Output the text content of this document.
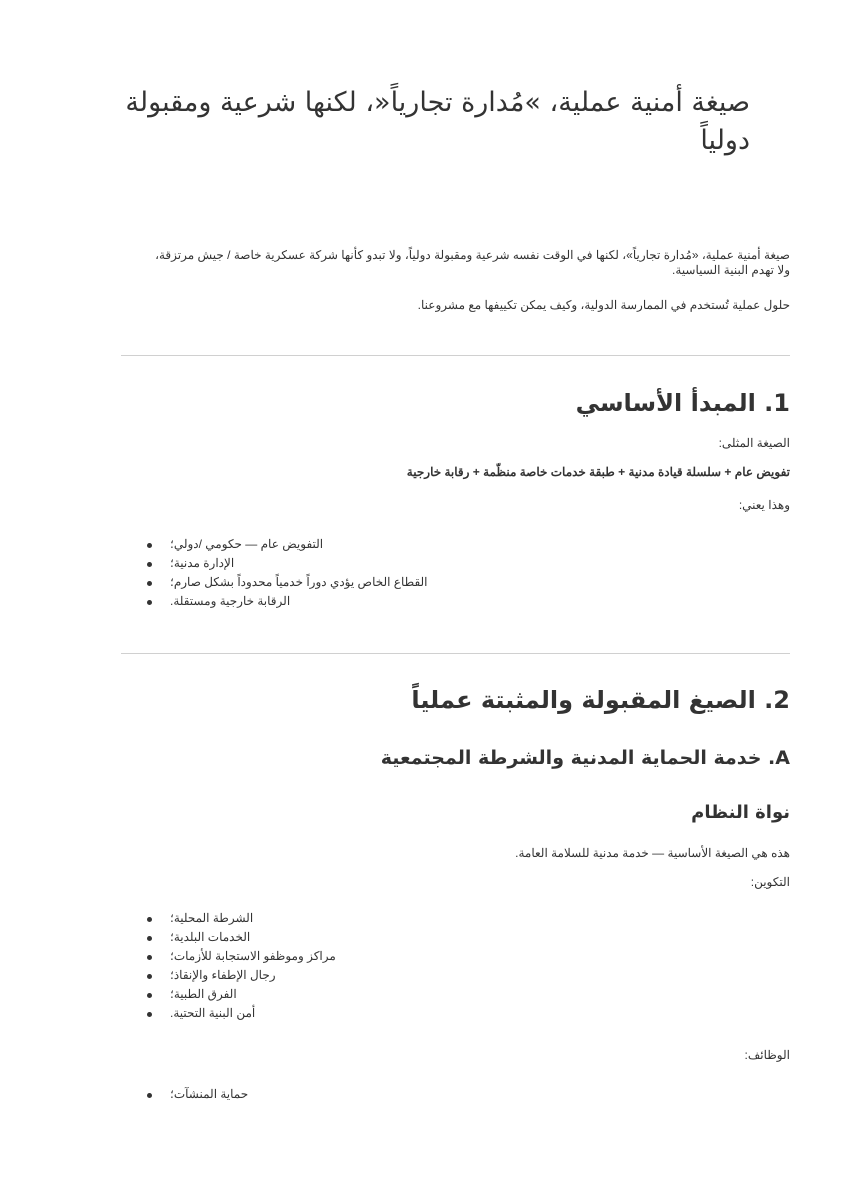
صيغة أمنية عملية، »مُدارة تجارياً«، لكنها شرعية ومقبولة دولياً

صيغة أمنية عملية، «مُدارة تجارياً»، لكنها في الوقت نفسه شرعية ومقبولة دولياً، ولا تبدو كأنها شركة عسكرية خاصة / جيش مرتزقة، ولا تهدم البنية السياسية.

حلول عملية تُستخدم في الممارسة الدولية، وكيف يمكن تكييفها مع مشروعنا.

1. المبدأ الأساسي

الصيغة المثلى:

تفويض عام + سلسلة قيادة مدنية + طبقة خدمات خاصة منظّمة + رقابة خارجية

وهذا يعني:

التفويض عام — حكومي /دولي؛
الإدارة مدنية؛
القطاع الخاص يؤدي دوراً خدمياً محدوداً بشكل صارم؛
الرقابة خارجية ومستقلة.
2. الصيغ المقبولة والمثبتة عملياً
A. خدمة الحماية المدنية والشرطة المجتمعية
نواة النظام

هذه هي الصيغة الأساسية — خدمة مدنية للسلامة العامة.

التكوين:

الشرطة المحلية؛
الخدمات البلدية؛
مراكز وموظفو الاستجابة للأزمات؛
رجال الإطفاء والإنقاذ؛
الفرق الطبية؛
أمن البنية التحتية.

الوظائف:

حماية المنشآت؛
